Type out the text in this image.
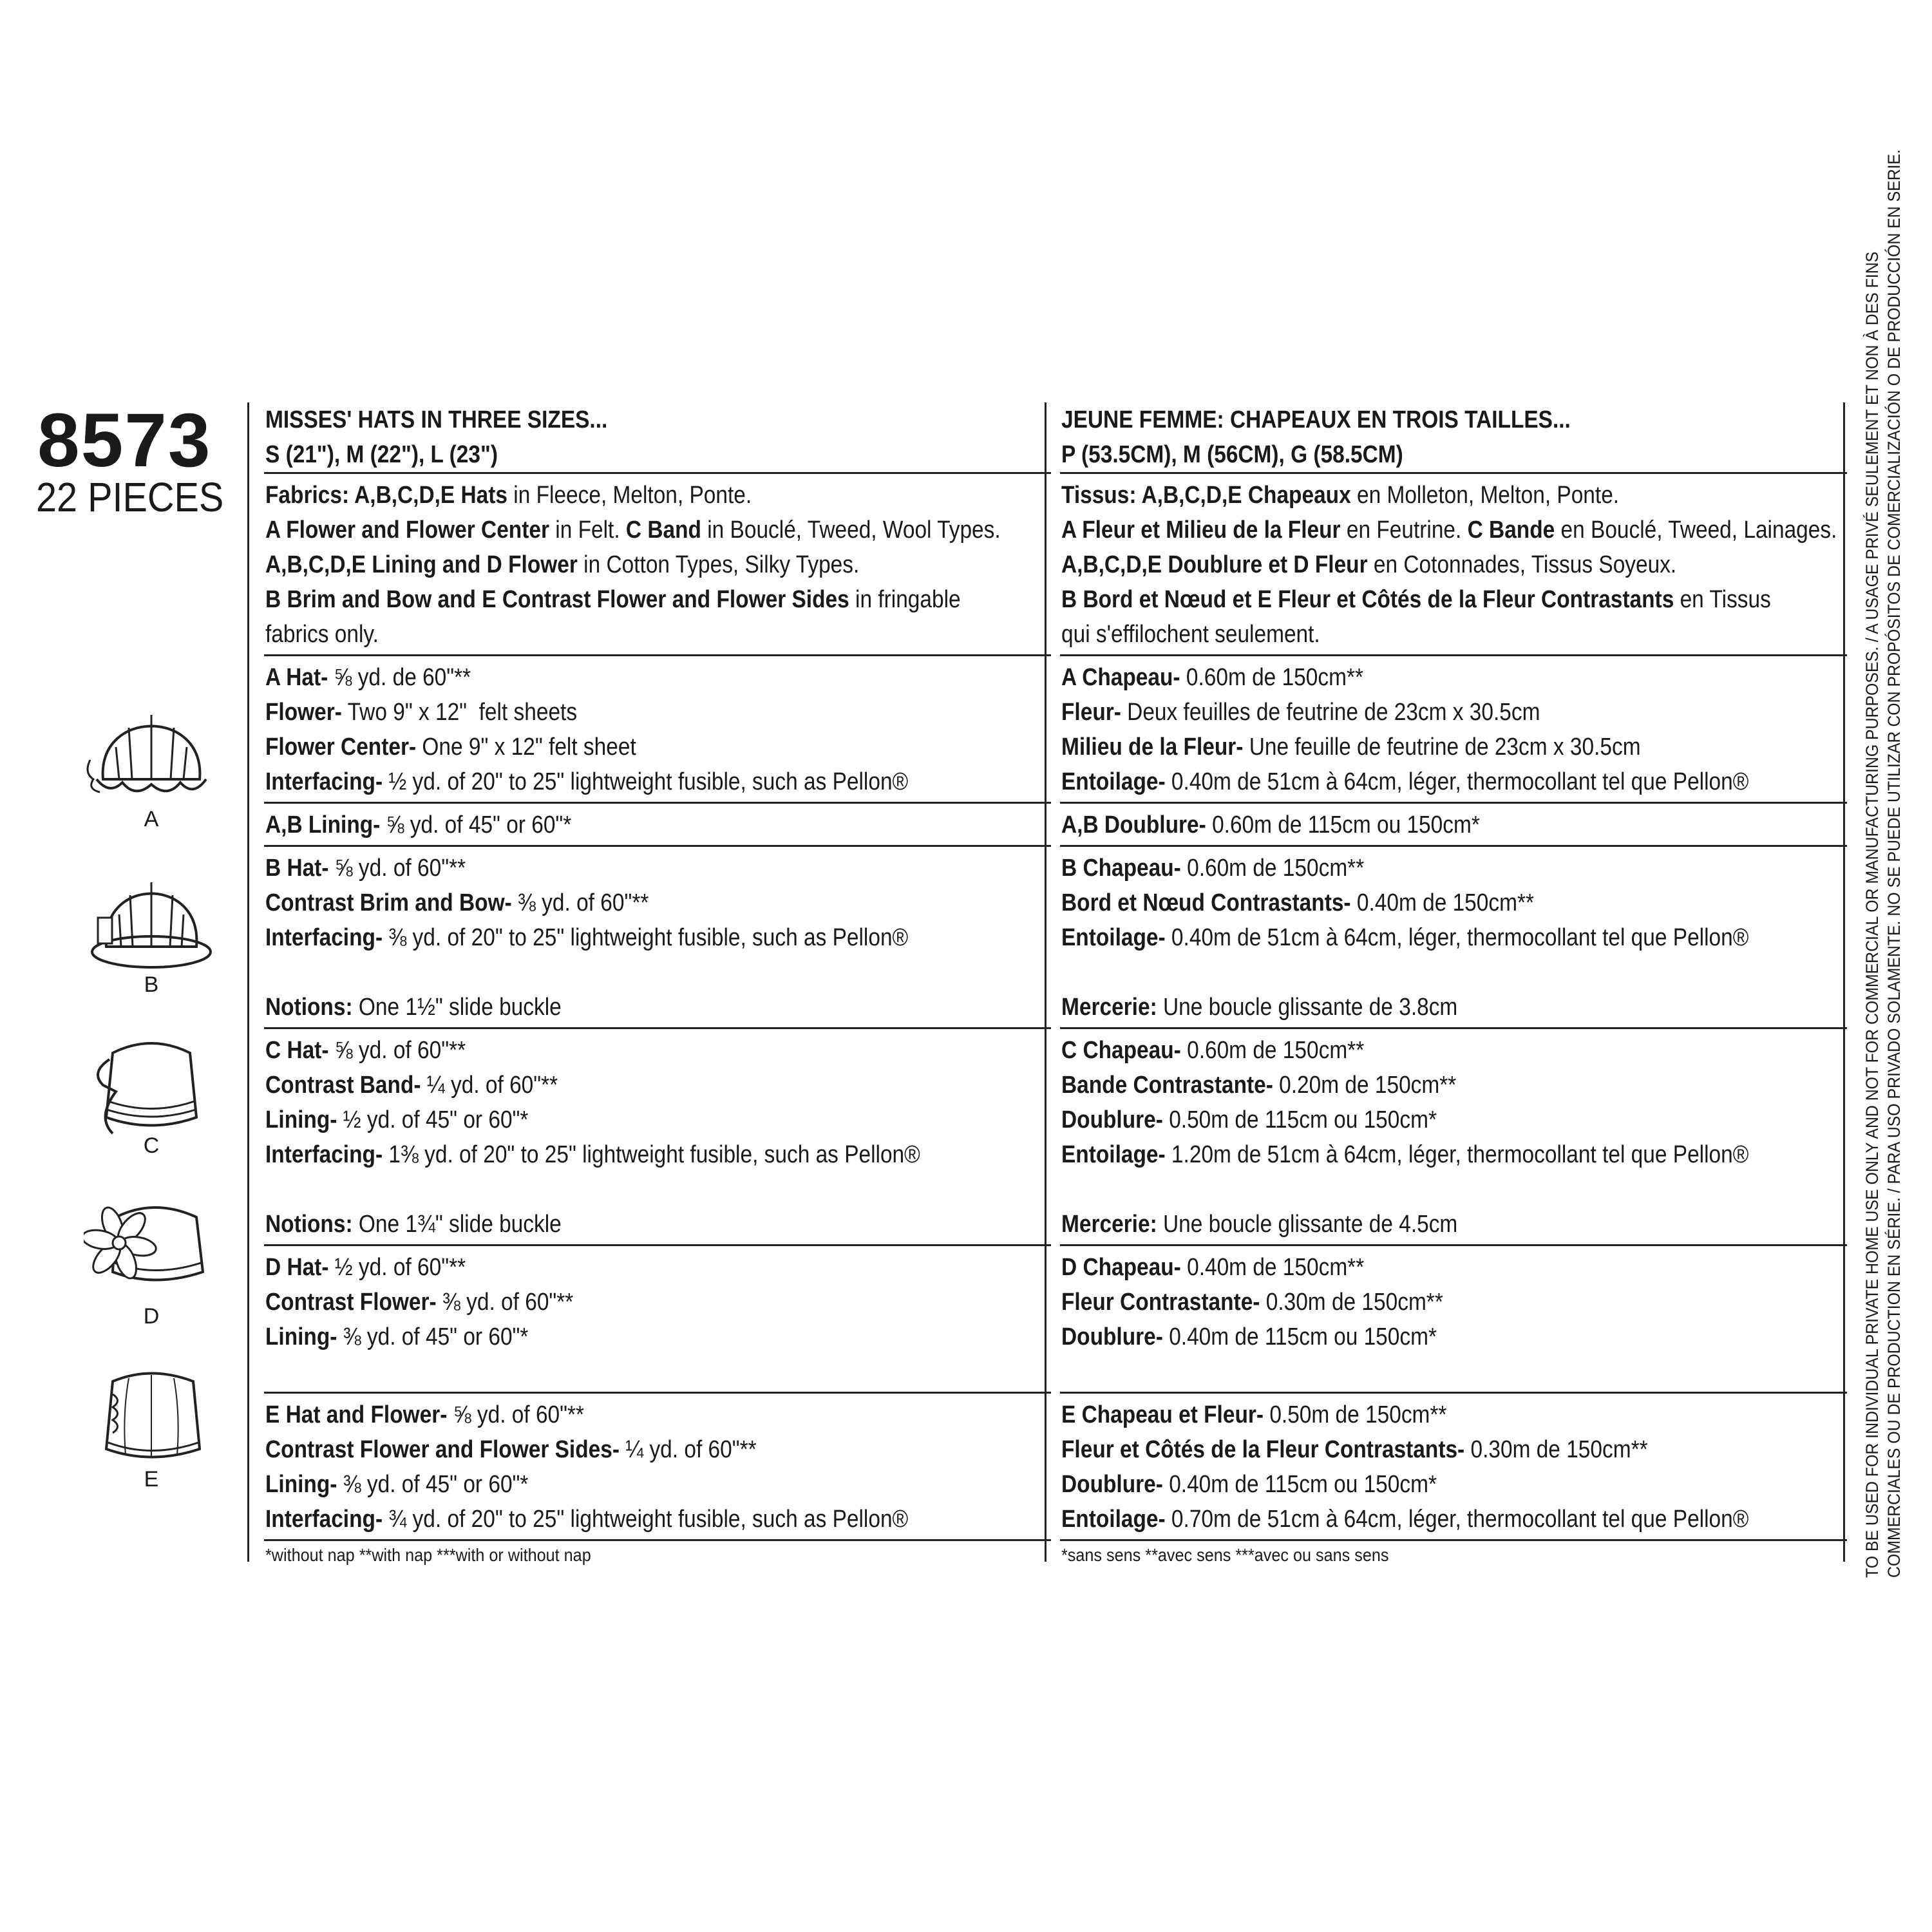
8573
22 PIECES
A
B
C
D
E
MISSES' HATS IN THREE SIZES...
S (21"), M (22"), L (23")
Fabrics: A,B,C,D,E Hats in Fleece, Melton, Ponte.
A Flower and Flower Center in Felt. C Band in Bouclé, Tweed, Wool Types.
A,B,C,D,E Lining and D Flower in Cotton Types, Silky Types.
B Brim and Bow and E Contrast Flower and Flower Sides in fringable
fabrics only.
A Hat- ⅝ yd. de 60"**
Flower- Two 9" x 12"  felt sheets
Flower Center- One 9" x 12" felt sheet
Interfacing- ½ yd. of 20" to 25" lightweight fusible, such as Pellon®
A,B Lining- ⅝ yd. of 45" or 60"*
B Hat- ⅝ yd. of 60"**
Contrast Brim and Bow- ⅜ yd. of 60"**
Interfacing- ⅜ yd. of 20" to 25" lightweight fusible, such as Pellon®
Notions: One 1½" slide buckle
C Hat- ⅝ yd. of 60"**
Contrast Band- ¼ yd. of 60"**
Lining- ½ yd. of 45" or 60"*
Interfacing- 1⅜ yd. of 20" to 25" lightweight fusible, such as Pellon®
Notions: One 1¾" slide buckle
D Hat- ½ yd. of 60"**
Contrast Flower- ⅜ yd. of 60"**
Lining- ⅜ yd. of 45" or 60"*
E Hat and Flower- ⅝ yd. of 60"**
Contrast Flower and Flower Sides- ¼ yd. of 60"**
Lining- ⅜ yd. of 45" or 60"*
Interfacing- ¾ yd. of 20" to 25" lightweight fusible, such as Pellon®
*without nap **with nap ***with or without nap
JEUNE FEMME: CHAPEAUX EN TROIS TAILLES...
P (53.5CM), M (56CM), G (58.5CM)
Tissus: A,B,C,D,E Chapeaux en Molleton, Melton, Ponte.
A Fleur et Milieu de la Fleur en Feutrine. C Bande en Bouclé, Tweed, Lainages.
A,B,C,D,E Doublure et D Fleur en Cotonnades, Tissus Soyeux.
B Bord et Nœud et E Fleur et Côtés de la Fleur Contrastants en Tissus
qui s'effilochent seulement.
A Chapeau- 0.60m de 150cm**
Fleur- Deux feuilles de feutrine de 23cm x 30.5cm
Milieu de la Fleur- Une feuille de feutrine de 23cm x 30.5cm
Entoilage- 0.40m de 51cm à 64cm, léger, thermocollant tel que Pellon®
A,B Doublure- 0.60m de 115cm ou 150cm*
B Chapeau- 0.60m de 150cm**
Bord et Nœud Contrastants- 0.40m de 150cm**
Entoilage- 0.40m de 51cm à 64cm, léger, thermocollant tel que Pellon®
Mercerie: Une boucle glissante de 3.8cm
C Chapeau- 0.60m de 150cm**
Bande Contrastante- 0.20m de 150cm**
Doublure- 0.50m de 115cm ou 150cm*
Entoilage- 1.20m de 51cm à 64cm, léger, thermocollant tel que Pellon®
Mercerie: Une boucle glissante de 4.5cm
D Chapeau- 0.40m de 150cm**
Fleur Contrastante- 0.30m de 150cm**
Doublure- 0.40m de 115cm ou 150cm*
E Chapeau et Fleur- 0.50m de 150cm**
Fleur et Côtés de la Fleur Contrastants- 0.30m de 150cm**
Doublure- 0.40m de 115cm ou 150cm*
Entoilage- 0.70m de 51cm à 64cm, léger, thermocollant tel que Pellon®
*sans sens **avec sens ***avec ou sans sens	TO BE USED FOR INDIVIDUAL PRIVATE HOME USE ONLY AND NOT FOR COMMERCIAL OR MANUFACTURING PURPOSES. / A USAGE PRIVÉ SEULEMENT ET NON À DES FINS COMMERCIALES OU DE PRODUCTION EN SÉRIE. / PARA USO PRIVADO SOLAMENTE. NO SE PUEDE UTILIZAR CON PROPÓSITOS DE COMERCIALIZACIÓN O DE PRODUCCIÓN EN SERIE.
